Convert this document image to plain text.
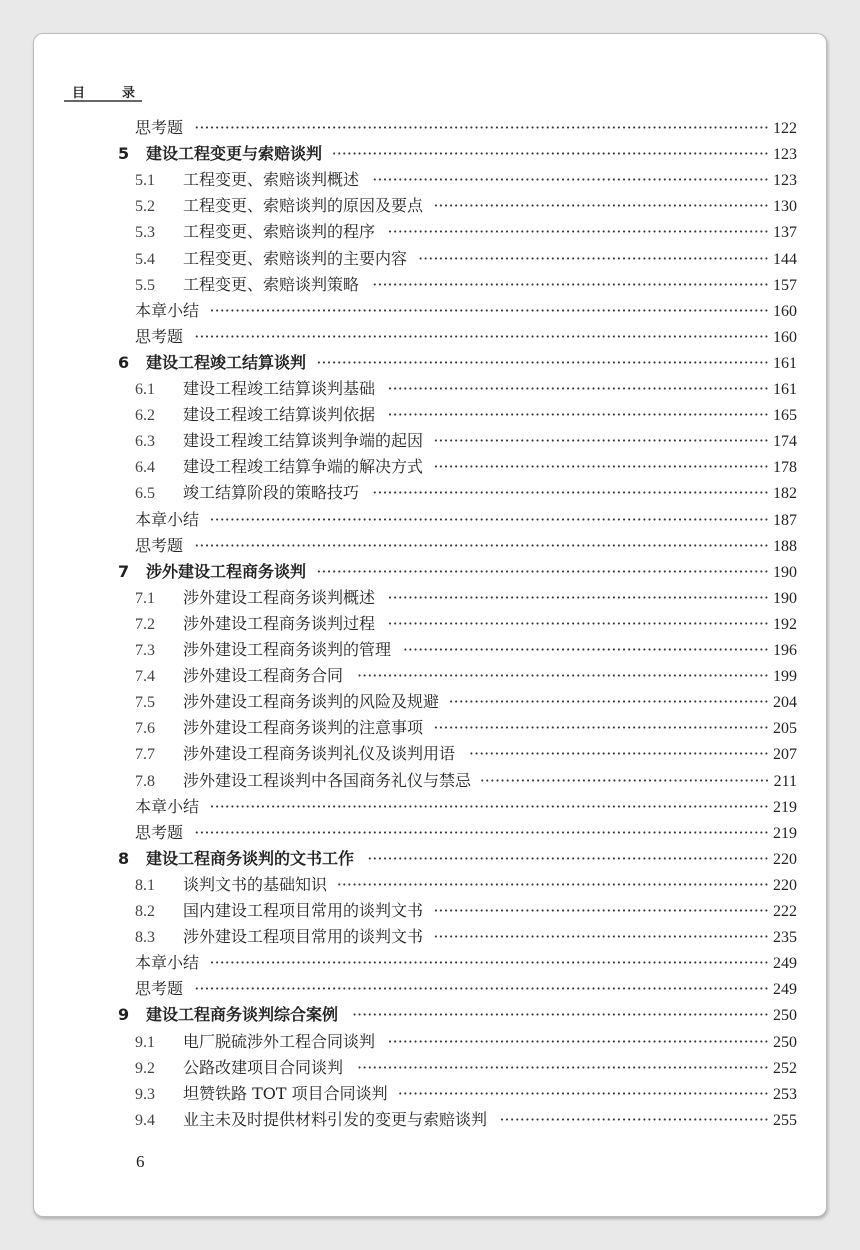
目	录
思考题 ················································································································· 122
5	建设工程变更与索赔谈判 ······················································································ 123
5.1	工程变更、索赔谈判概述 ·············································································· 123
5.2	工程变更、索赔谈判的原因及要点 ·································································· 130
5.3	工程变更、索赔谈判的程序 ··········································································· 137
5.4	工程变更、索赔谈判的主要内容 ····································································· 144
5.5	工程变更、索赔谈判策略 ·············································································· 157
本章小结 ·············································································································· 160
思考题 ················································································································· 160
6	建设工程竣工结算谈判 ························································································· 161
6.1	建设工程竣工结算谈判基础 ··········································································· 161
6.2	建设工程竣工结算谈判依据 ··········································································· 165
6.3	建设工程竣工结算谈判争端的起因 ·································································· 174
6.4	建设工程竣工结算争端的解决方式 ·································································· 178
6.5	竣工结算阶段的策略技巧 ·············································································· 182
本章小结 ·············································································································· 187
思考题 ················································································································· 188
7	涉外建设工程商务谈判 ························································································· 190
7.1	涉外建设工程商务谈判概述 ··········································································· 190
7.2	涉外建设工程商务谈判过程 ··········································································· 192
7.3	涉外建设工程商务谈判的管理 ········································································ 196
7.4	涉外建设工程商务合同 ················································································· 199
7.5	涉外建设工程商务谈判的风险及规避 ······························································· 204
7.6	涉外建设工程商务谈判的注意事项 ·································································· 205
7.7	涉外建设工程商务谈判礼仪及谈判用语 ··························································· 207
7.8	涉外建设工程谈判中各国商务礼仪与禁忌 ························································· 211
本章小结 ·············································································································· 219
思考题 ················································································································· 219
8	建设工程商务谈判的文书工作 ··············································································· 220
8.1	谈判文书的基础知识 ····················································································· 220
8.2	国内建设工程项目常用的谈判文书 ·································································· 222
8.3	涉外建设工程项目常用的谈判文书 ·································································· 235
本章小结 ·············································································································· 249
思考题 ················································································································· 249
9	建设工程商务谈判综合案例 ·················································································· 250
9.1	电厂脱硫涉外工程合同谈判 ··········································································· 250
9.2	公路改建项目合同谈判 ················································································· 252
9.3	坦赞铁路 TOT 项目合同谈判 ········································································· 253
9.4	业主未及时提供材料引发的变更与索赔谈判 ····················································· 255
6
